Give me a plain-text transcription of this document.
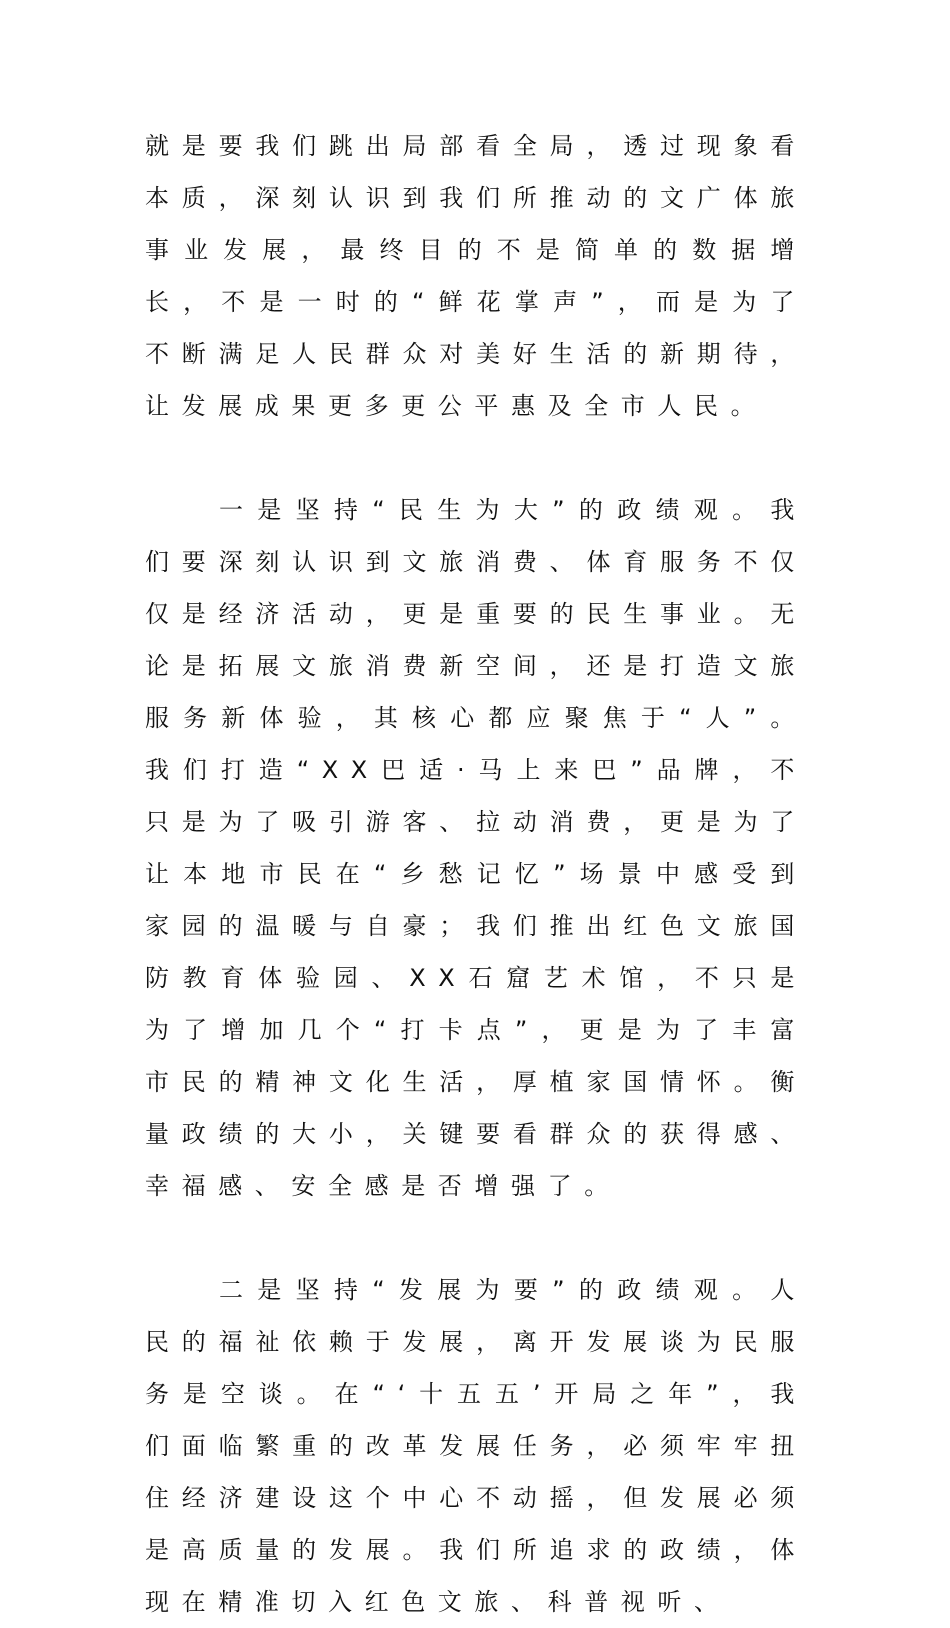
就是要我们跳出局部看全局，透过现象看本质，深刻认识到我们所推动的文广体旅事业发展，最终目的不是简单的数据增长，不是一时的“鲜花掌声”，而是为了不断满足人民群众对美好生活的新期待，让发展成果更多更公平惠及全市人民。

一是坚持“民生为大”的政绩观。我们要深刻认识到文旅消费、体育服务不仅仅是经济活动，更是重要的民生事业。无论是拓展文旅消费新空间，还是打造文旅服务新体验，其核心都应聚焦于“人”。我们打造“XX巴适·马上来巴”品牌，不只是为了吸引游客、拉动消费，更是为了让本地市民在“乡愁记忆”场景中感受到家园的温暖与自豪；我们推出红色文旅国防教育体验园、XX石窟艺术馆，不只是为了增加几个“打卡点”，更是为了丰富市民的精神文化生活，厚植家国情怀。衡量政绩的大小，关键要看群众的获得感、幸福感、安全感是否增强了。

二是坚持“发展为要”的政绩观。人民的福祉依赖于发展，离开发展谈为民服务是空谈。在“‘十五五’开局之年”，我们面临繁重的改革发展任务，必须牢牢扭住经济建设这个中心不动摇，但发展必须是高质量的发展。我们所追求的政绩，体现在精准切入红色文旅、科普视听、
